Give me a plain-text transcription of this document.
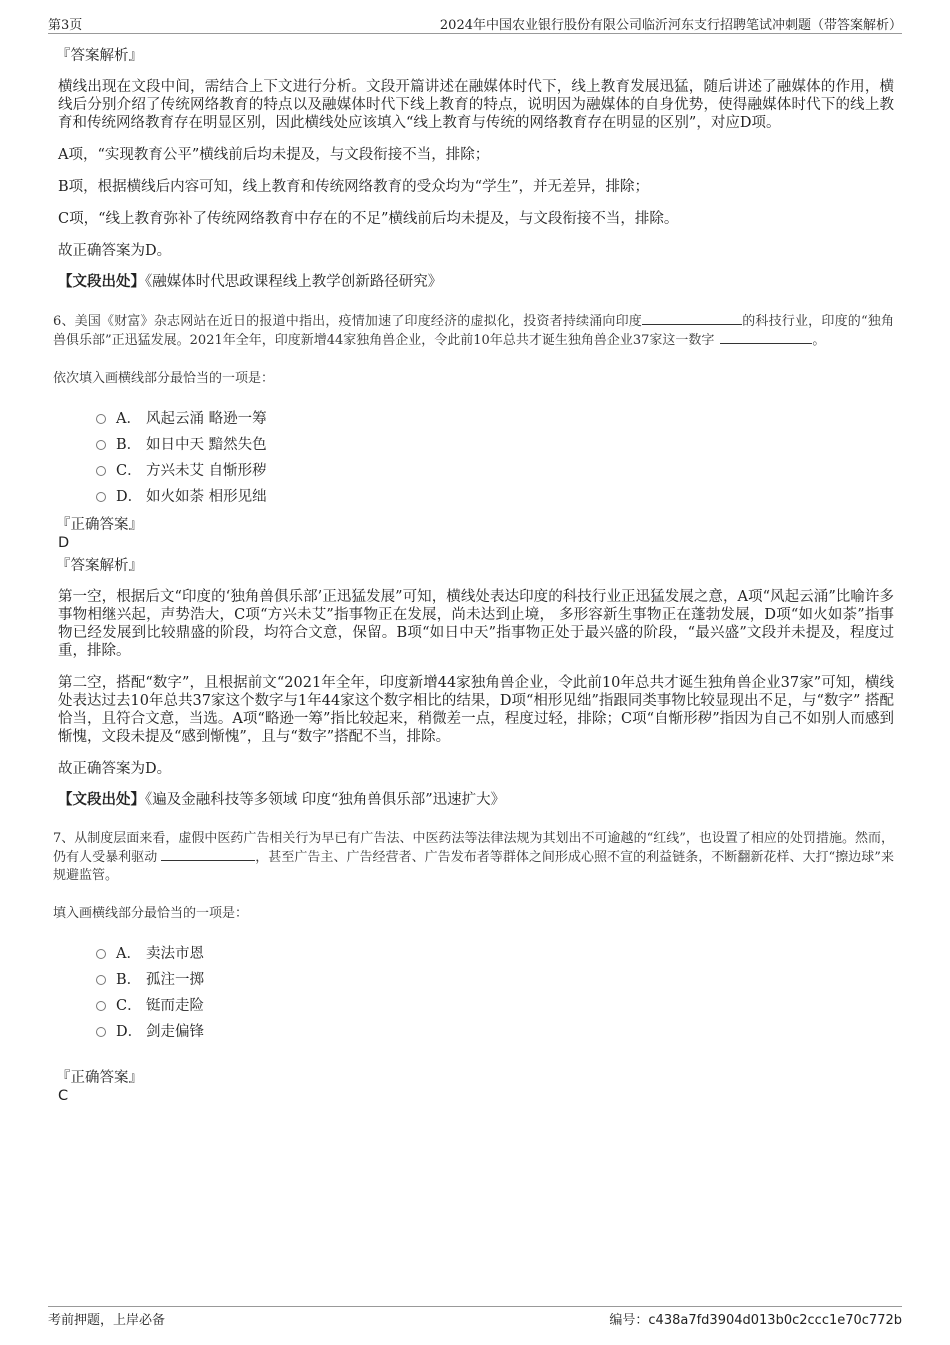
第3页	2024年中国农业银行股份有限公司临沂河东支行招聘笔试冲刺题（带答案解析）
『答案解析』
横线出现在文段中间，需结合上下文进行分析。文段开篇讲述在融媒体时代下，线上教育发展迅猛，随后讲述了融媒体的作用，横线后分别介绍了传统网络教育的特点以及融媒体时代下线上教育的特点，说明因为融媒体的自身优势，使得融媒体时代下的线上教育和传统网络教育存在明显区别，因此横线处应该填入“线上教育与传统的网络教育存在明显的区别”，对应D项。
A项，“实现教育公平”横线前后均未提及，与文段衔接不当，排除；
B项，根据横线后内容可知，线上教育和传统网络教育的受众均为“学生”，并无差异，排除；
C项，“线上教育弥补了传统网络教育中存在的不足”横线前后均未提及，与文段衔接不当，排除。
故正确答案为D。
【文段出处】《融媒体时代思政课程线上教学创新路径研究》
6、美国《财富》杂志网站在近日的报道中指出，疫情加速了印度经济的虚拟化，投资者持续涌向印度	的科技行业，印度的“独角兽俱乐部”正迅猛发展。2021年全年，印度新增44家独角兽企业，令此前10年总共才诞生独角兽企业37家这一数字	。
依次填入画横线部分最恰当的一项是：
A． 风起云涌 略逊一筹
B． 如日中天 黯然失色
C． 方兴未艾 自惭形秽
D． 如火如荼 相形见绌
『正确答案』
D
『答案解析』
第一空，根据后文“印度的‘独角兽俱乐部’正迅猛发展”可知，横线处表达印度的科技行业正迅猛发展之意，A项“风起云涌”比喻许多事物相继兴起，声势浩大，C项“方兴未艾”指事物正在发展，尚未达到止境， 多形容新生事物正在蓬勃发展，D项“如火如荼”指事物已经发展到比较鼎盛的阶段，均符合文意，保留。B项“如日中天”指事物正处于最兴盛的阶段，“最兴盛”文段并未提及，程度过重，排除。
第二空，搭配“数字”，且根据前文“2021年全年，印度新增44家独角兽企业，令此前10年总共才诞生独角兽企业37家”可知，横线处表达过去10年总共37家这个数字与1年44家这个数字相比的结果，D项“相形见绌”指跟同类事物比较显现出不足，与“数字” 搭配恰当，且符合文意，当选。A项“略逊一筹”指比较起来，稍微差一点，程度过轻，排除；C项“自惭形秽”指因为自己不如别人而感到惭愧，文段未提及“感到惭愧”，且与“数字”搭配不当，排除。
故正确答案为D。
【文段出处】《遍及金融科技等多领域 印度“独角兽俱乐部”迅速扩大》
7、从制度层面来看，虚假中医药广告相关行为早已有广告法、中医药法等法律法规为其划出不可逾越的“红线”，也设置了相应的处罚措施。然而，仍有人受暴利驱动	，甚至广告主、广告经营者、广告发布者等群体之间形成心照不宣的利益链条，不断翻新花样、大打“擦边球”来规避监管。
填入画横线部分最恰当的一项是：
A． 卖法市恩
B． 孤注一掷
C． 铤而走险
D． 剑走偏锋
『正确答案』
C
考前押题，上岸必备	编号：c438a7fd3904d013b0c2ccc1e70c772b
